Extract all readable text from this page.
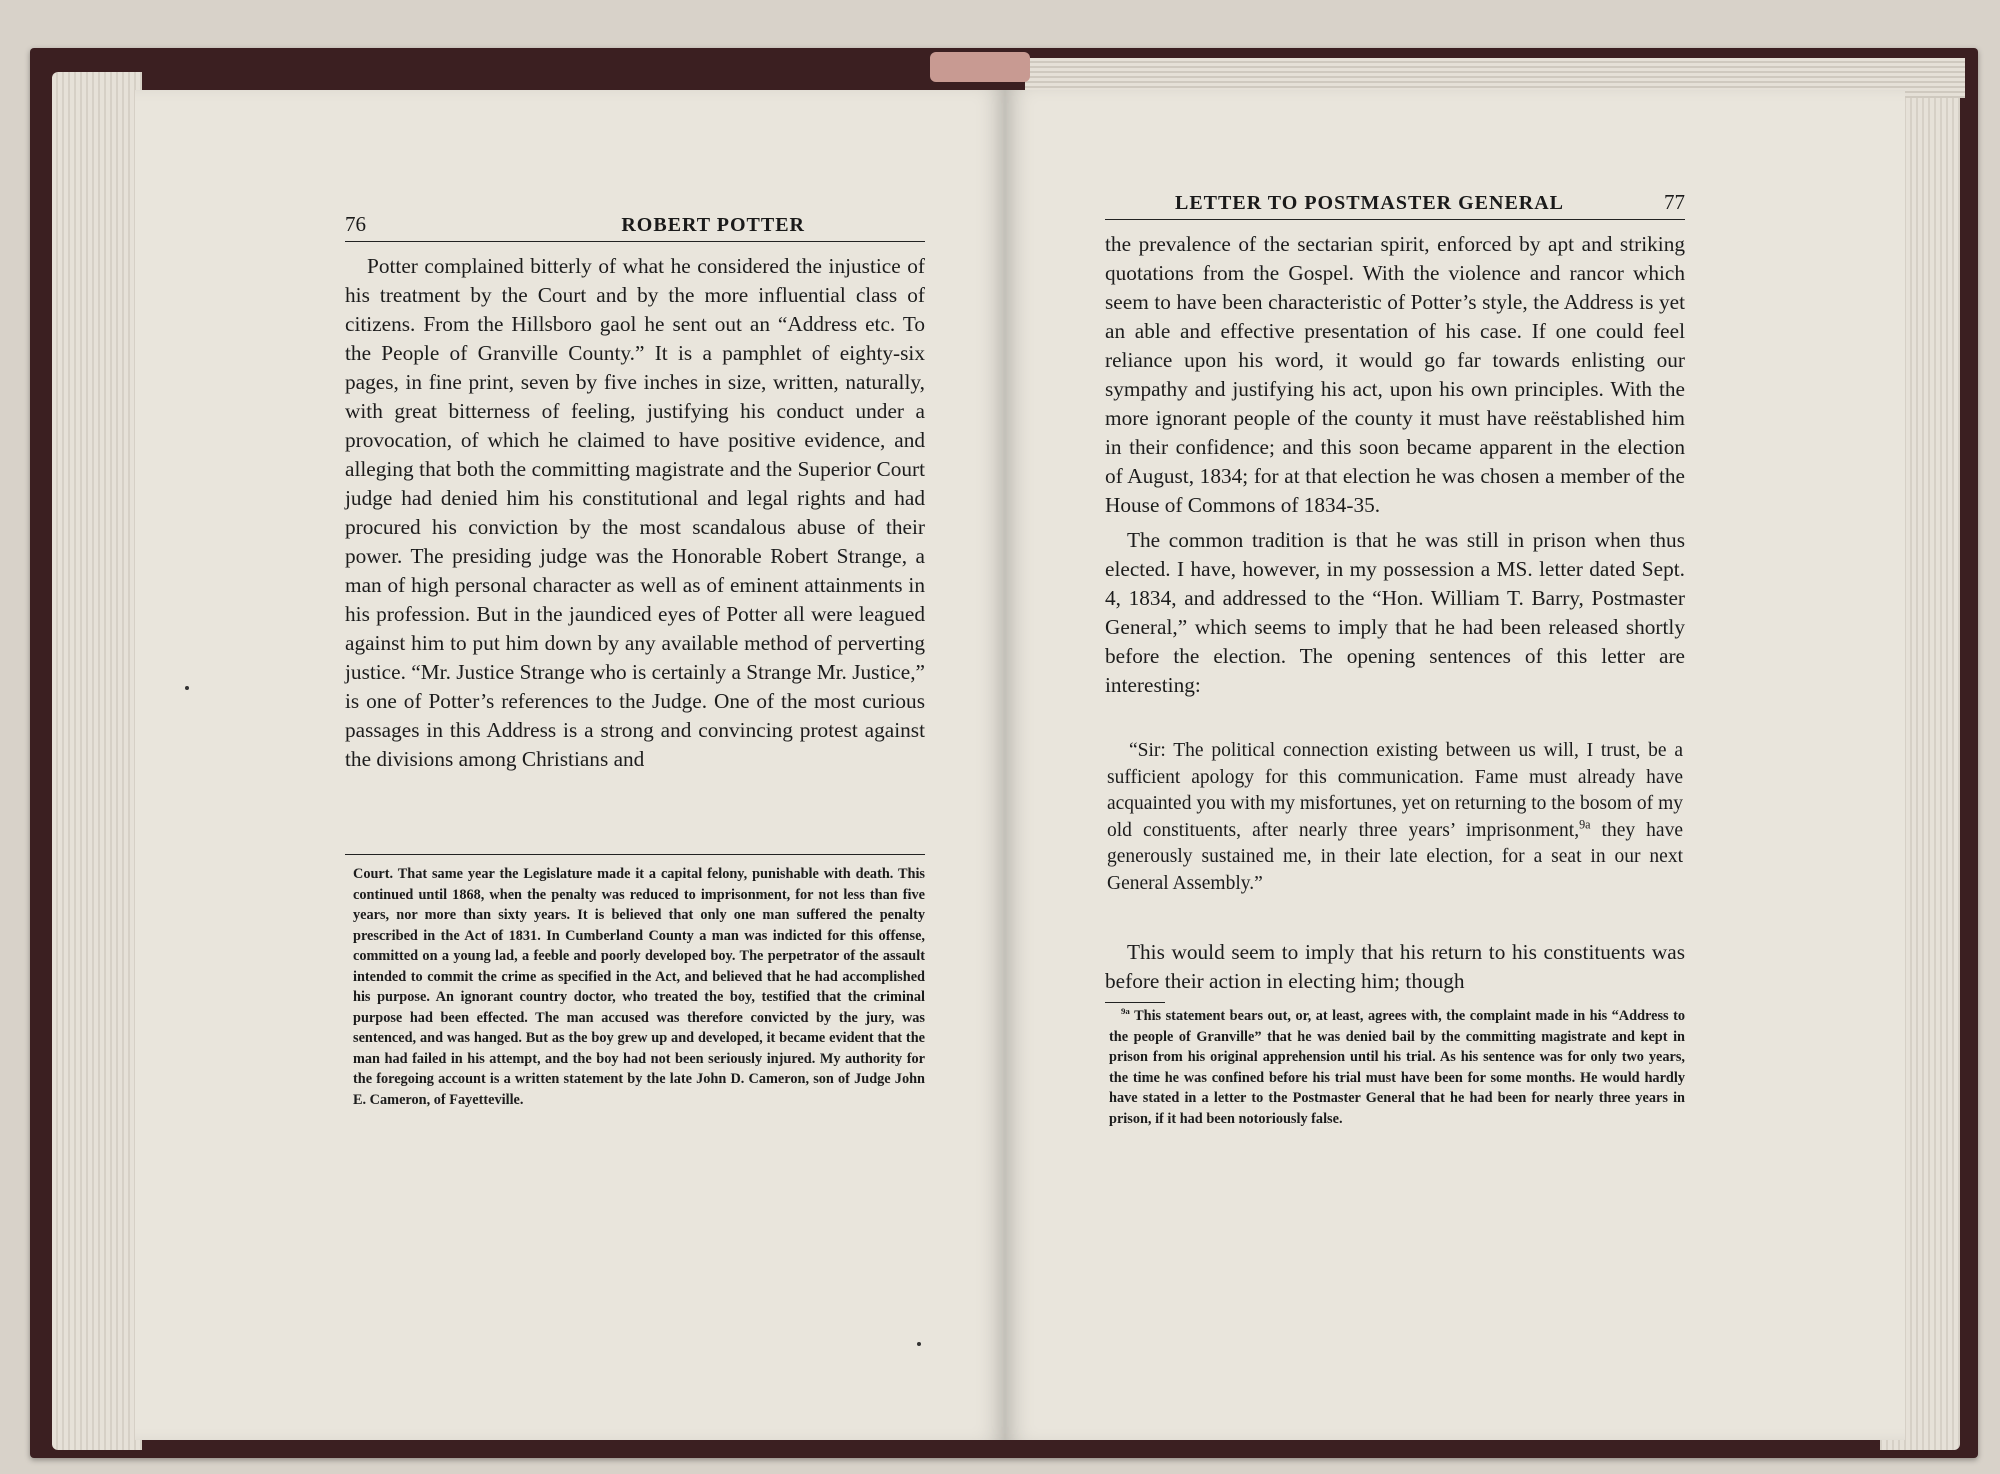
76	ROBERT POTTER

Potter complained bitterly of what he considered the injustice of his treatment by the Court and by the more influential class of citizens. From the Hillsboro gaol he sent out an “Address etc. To the People of Granville County.” It is a pamphlet of eighty-six pages, in fine print, seven by five inches in size, written, naturally, with great bitterness of feeling, justifying his conduct under a provocation, of which he claimed to have positive evidence, and alleging that both the committing magistrate and the Superior Court judge had denied him his constitutional and legal rights and had procured his conviction by the most scandalous abuse of their power. The presiding judge was the Honorable Robert Strange, a man of high personal character as well as of eminent attainments in his profession. But in the jaundiced eyes of Potter all were leagued against him to put him down by any available method of perverting justice. “Mr. Justice Strange who is certainly a Strange Mr. Justice,” is one of Potter’s references to the Judge. One of the most curious passages in this Address is a strong and convincing protest against the divisions among Christians and

Court. That same year the Legislature made it a capital felony, punishable with death. This continued until 1868, when the penalty was reduced to imprisonment, for not less than five years, nor more than sixty years. It is believed that only one man suffered the penalty prescribed in the Act of 1831. In Cumberland County a man was indicted for this offense, committed on a young lad, a feeble and poorly developed boy. The perpetrator of the assault intended to commit the crime as specified in the Act, and believed that he had accomplished his purpose. An ignorant country doctor, who treated the boy, testified that the criminal purpose had been effected. The man accused was therefore convicted by the jury, was sentenced, and was hanged. But as the boy grew up and developed, it became evident that the man had failed in his attempt, and the boy had not been seriously injured. My authority for the foregoing account is a written statement by the late John D. Cameron, son of Judge John E. Cameron, of Fayetteville.

LETTER TO POSTMASTER GENERAL	77

the prevalence of the sectarian spirit, enforced by apt and striking quotations from the Gospel. With the violence and rancor which seem to have been characteristic of Potter’s style, the Address is yet an able and effective presentation of his case. If one could feel reliance upon his word, it would go far towards enlisting our sympathy and justifying his act, upon his own principles. With the more ignorant people of the county it must have reëstablished him in their confidence; and this soon became apparent in the election of August, 1834; for at that election he was chosen a member of the House of Commons of 1834-35.

The common tradition is that he was still in prison when thus elected. I have, however, in my possession a MS. letter dated Sept. 4, 1834, and addressed to the “Hon. William T. Barry, Postmaster General,” which seems to imply that he had been released shortly before the election. The opening sentences of this letter are interesting:

“Sir: The political connection existing between us will, I trust, be a sufficient apology for this communication. Fame must already have acquainted you with my misfortunes, yet on returning to the bosom of my old constituents, after nearly three years’ imprisonment,$^{9a}$ they have generously sustained me, in their late election, for a seat in our next General Assembly.”

This would seem to imply that his return to his constituents was before their action in electing him; though

$^{9a}$ This statement bears out, or, at least, agrees with, the complaint made in his “Address to the people of Granville” that he was denied bail by the committing magistrate and kept in prison from his original apprehension until his trial. As his sentence was for only two years, the time he was confined before his trial must have been for some months. He would hardly have stated in a letter to the Postmaster General that he had been for nearly three years in prison, if it had been notoriously false.
